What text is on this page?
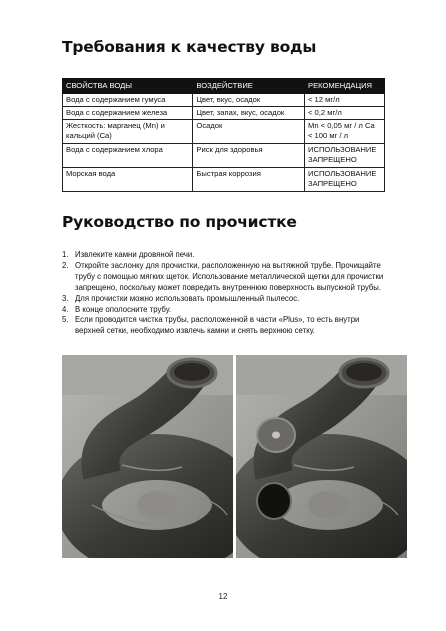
Требования к качеству воды
СВОЙСТВА ВОДЫ	ВОЗДЕЙСТВИЕ	РЕКОМЕНДАЦИЯ
Вода с содержанием гумуса	Цвет, вкус, осадок	< 12 мг/л
Вода с содержанием железа	Цвет, запах, вкус, осадок	< 0,2 мг/л
Жесткость: марганец (Mn) и кальций (Ca)	Осадок	Mn < 0,05 мг / л Ca < 100 мг / л
Вода с содержанием хлора	Риск для здоровья	ИСПОЛЬЗОВАНИЕ ЗАПРЕЩЕНО
Морская вода	Быстрая коррозия	ИСПОЛЬЗОВАНИЕ ЗАПРЕЩЕНО
Руководство по прочистке
1. Извлеките камни дровяной печи.
2. Откройте заслонку для прочистки, расположенную на вытяжной трубе. Прочищайте трубу с помощью мягких щеток. Использование металлической щетки для прочистки запрещено, поскольку может повредить внутреннюю поверхность выпускной трубы.
3. Для прочистки можно использовать промышленный пылесос.
4. В конце ополосните трубу.
5. Если проводится чистка трубы, расположенной в части «Plus», то есть внутри верхней сетки, необходимо извлечь камни и снять верхнюю сетку.
12
